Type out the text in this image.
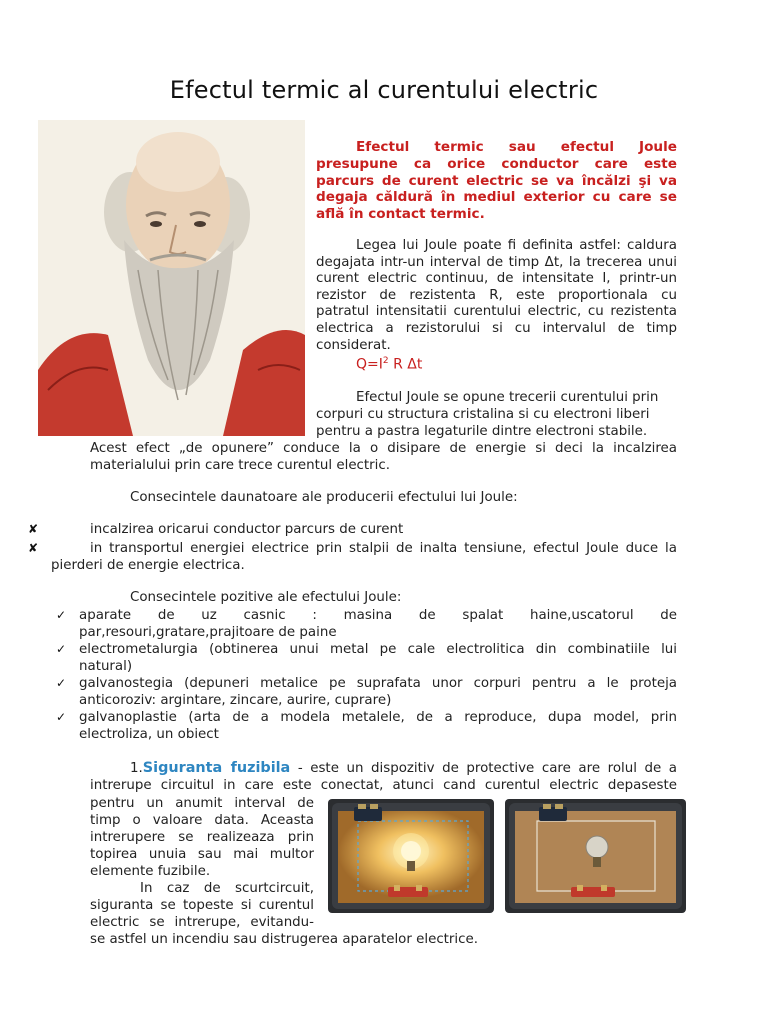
Efectul termic al curentului electric
Efectul termic sau efectul Joule presupune ca orice conductor care este parcurs de curent electric se va încălzi şi va degaja căldură în mediul exterior cu care se află în contact termic.
Legea lui Joule poate fi definita astfel: caldura degajata intr-un interval de timp Δt, la trecerea unui curent electric continuu, de intensitate I, printr-un rezistor de rezistenta R, este proportionala cu patratul intensitatii curentului electric, cu rezistenta electrica a rezistorului si cu intervalul de timp considerat.
$Q=I^2$ R Δt
Efectul Joule se opune trecerii curentului prin
corpuri cu structura cristalina si cu electroni liberi
pentru a pastra legaturile dintre electroni stabile.
Acest efect „de opunere” conduce la o disipare de energie si deci la incalzirea
materialului prin care trece curentul electric.
Consecintele daunatoare ale producerii efectului lui Joule:
✘	incalzirea oricarui conductor parcurs de curent
✘	in transportul energiei electrice prin stalpii de inalta tensiune, efectul Joule duce la
pierderi de energie electrica.
Consecintele pozitive ale efectului Joule:
✓ aparate de uz casnic : masina de spalat haine,uscatorul de
par,resouri,gratare,prajitoare de paine
✓ electrometalurgia (obtinerea unui metal pe cale electrolitica din combinatiile lui
natural)
✓ galvanostegia (depuneri metalice pe suprafata unor corpuri pentru a le proteja
anticoroziv: argintare, zincare, aurire, cuprare)
✓ galvanoplastie (arta de a modela metalele, de a reproduce, dupa model, prin
electroliza, un obiect
1.Siguranta fuzibila - este un dispozitiv de protective care are rolul de a
intrerupe circuitul in care este conectat, atunci cand curentul electric depaseste
pentru un anumit interval de
timp o valoare data. Aceasta
intrerupere se realizeaza prin
topirea unuia sau mai multor
elemente fuzibile.
In caz de scurtcircuit,
siguranta se topeste si curentul
electric se intrerupe, evitandu-
se astfel un incendiu sau distrugerea aparatelor electrice.
